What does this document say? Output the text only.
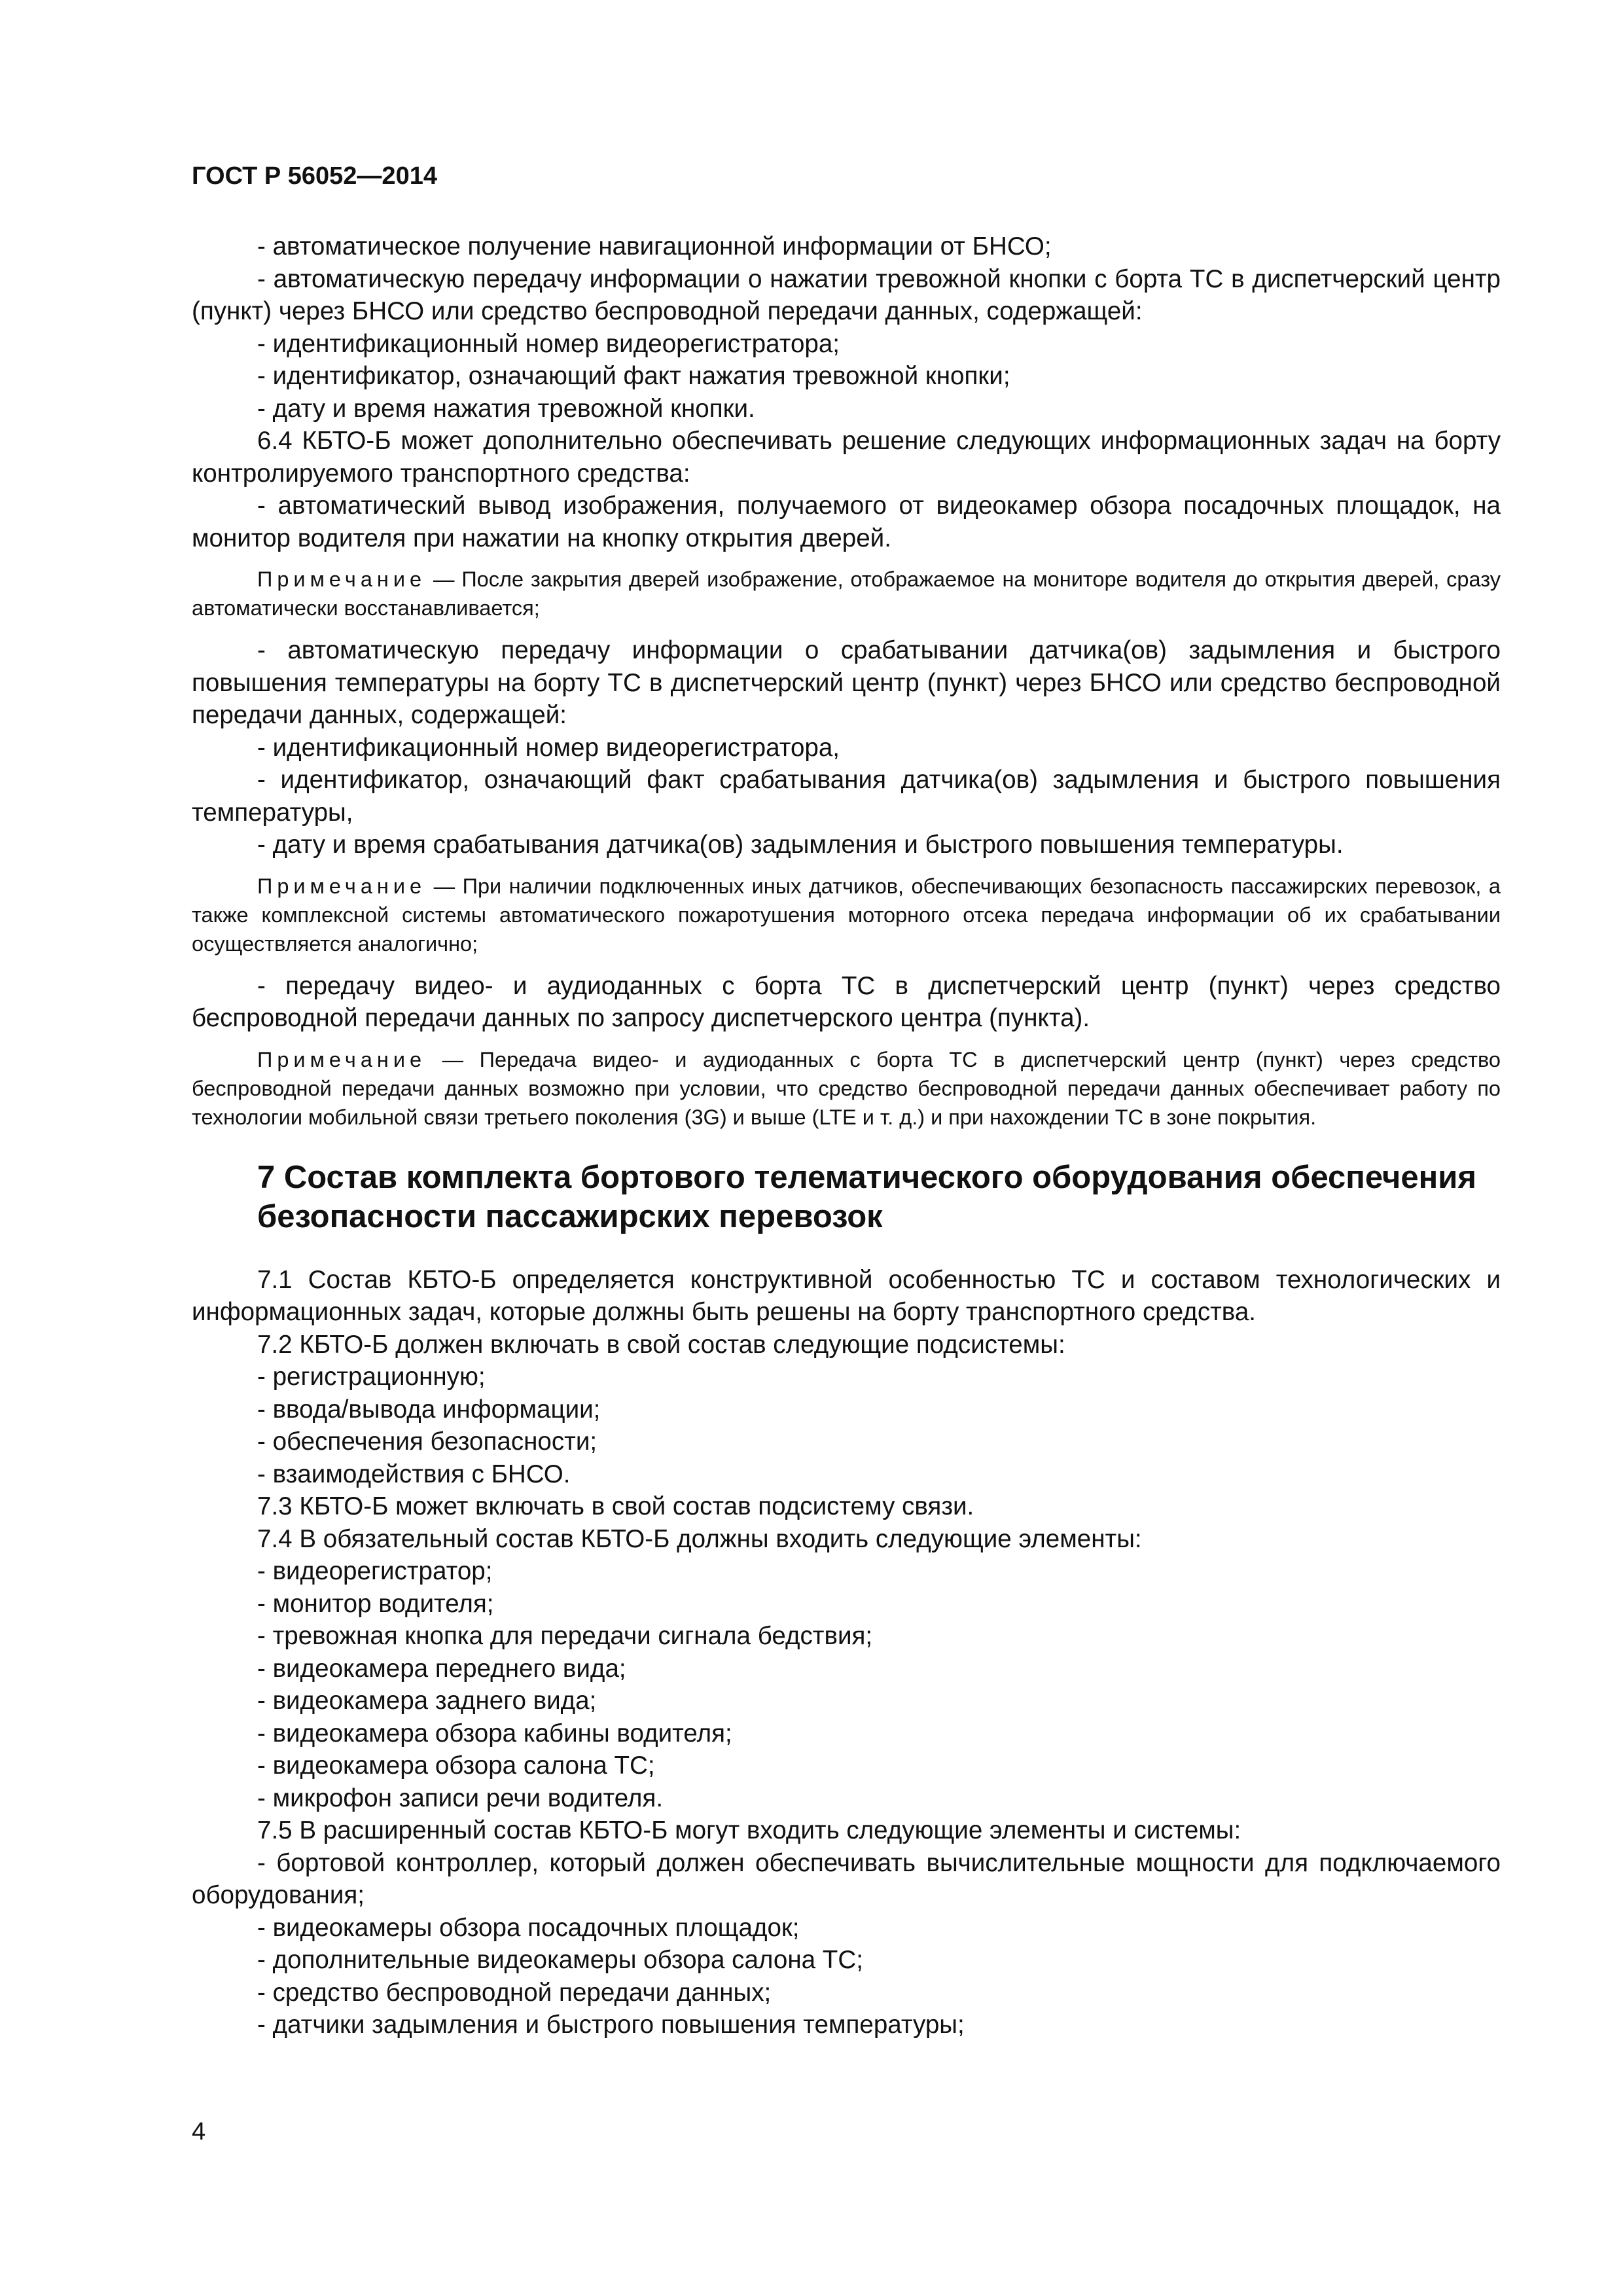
ГОСТ Р 56052—2014
- автоматическое получение навигационной информации от БНСО;
- автоматическую передачу информации о нажатии тревожной кнопки с борта ТС в диспетчерский центр (пункт) через БНСО или средство беспроводной передачи данных, содержащей:
- идентификационный номер видеорегистратора;
- идентификатор, означающий факт нажатия тревожной кнопки;
- дату и время нажатия тревожной кнопки.
6.4 КБТО-Б может дополнительно обеспечивать решение следующих информационных задач на борту контролируемого транспортного средства:
- автоматический вывод изображения, получаемого от видеокамер обзора посадочных площадок, на монитор водителя при нажатии на кнопку открытия дверей.
Примечание — После закрытия дверей изображение, отображаемое на мониторе водителя до открытия дверей, сразу автоматически восстанавливается;
- автоматическую передачу информации о срабатывании датчика(ов) задымления и быстрого повышения температуры на борту ТС в диспетчерский центр (пункт) через БНСО или средство беспроводной передачи данных, содержащей:
- идентификационный номер видеорегистратора,
- идентификатор, означающий факт срабатывания датчика(ов) задымления и быстрого повышения температуры,
- дату и время срабатывания датчика(ов) задымления и быстрого повышения температуры.
Примечание — При наличии подключенных иных датчиков, обеспечивающих безопасность пассажирских перевозок, а также комплексной системы автоматического пожаротушения моторного отсека передача информации об их срабатывании осуществляется аналогично;
- передачу видео- и аудиоданных с борта ТС в диспетчерский центр (пункт) через средство беспроводной передачи данных по запросу диспетчерского центра (пункта).
Примечание — Передача видео- и аудиоданных с борта ТС в диспетчерский центр (пункт) через средство беспроводной передачи данных возможно при условии, что средство беспроводной передачи данных обеспечивает работу по технологии мобильной связи третьего поколения (3G) и выше (LTE и т. д.) и при нахождении ТС в зоне покрытия.
7 Состав комплекта бортового телематического оборудования обеспечения безопасности пассажирских перевозок
7.1 Состав КБТО-Б определяется конструктивной особенностью ТС и составом технологических и информационных задач, которые должны быть решены на борту транспортного средства.
7.2 КБТО-Б должен включать в свой состав следующие подсистемы:
- регистрационную;
- ввода/вывода информации;
- обеспечения безопасности;
- взаимодействия с БНСО.
7.3 КБТО-Б может включать в свой состав подсистему связи.
7.4 В обязательный состав КБТО-Б должны входить следующие элементы:
- видеорегистратор;
- монитор водителя;
- тревожная кнопка для передачи сигнала бедствия;
- видеокамера переднего вида;
- видеокамера заднего вида;
- видеокамера обзора кабины водителя;
- видеокамера обзора салона ТС;
- микрофон записи речи водителя.
7.5 В расширенный состав КБТО-Б могут входить следующие элементы и системы:
- бортовой контроллер, который должен обеспечивать вычислительные мощности для подключаемого оборудования;
- видеокамеры обзора посадочных площадок;
- дополнительные видеокамеры обзора салона ТС;
- средство беспроводной передачи данных;
- датчики задымления и быстрого повышения температуры;
4
